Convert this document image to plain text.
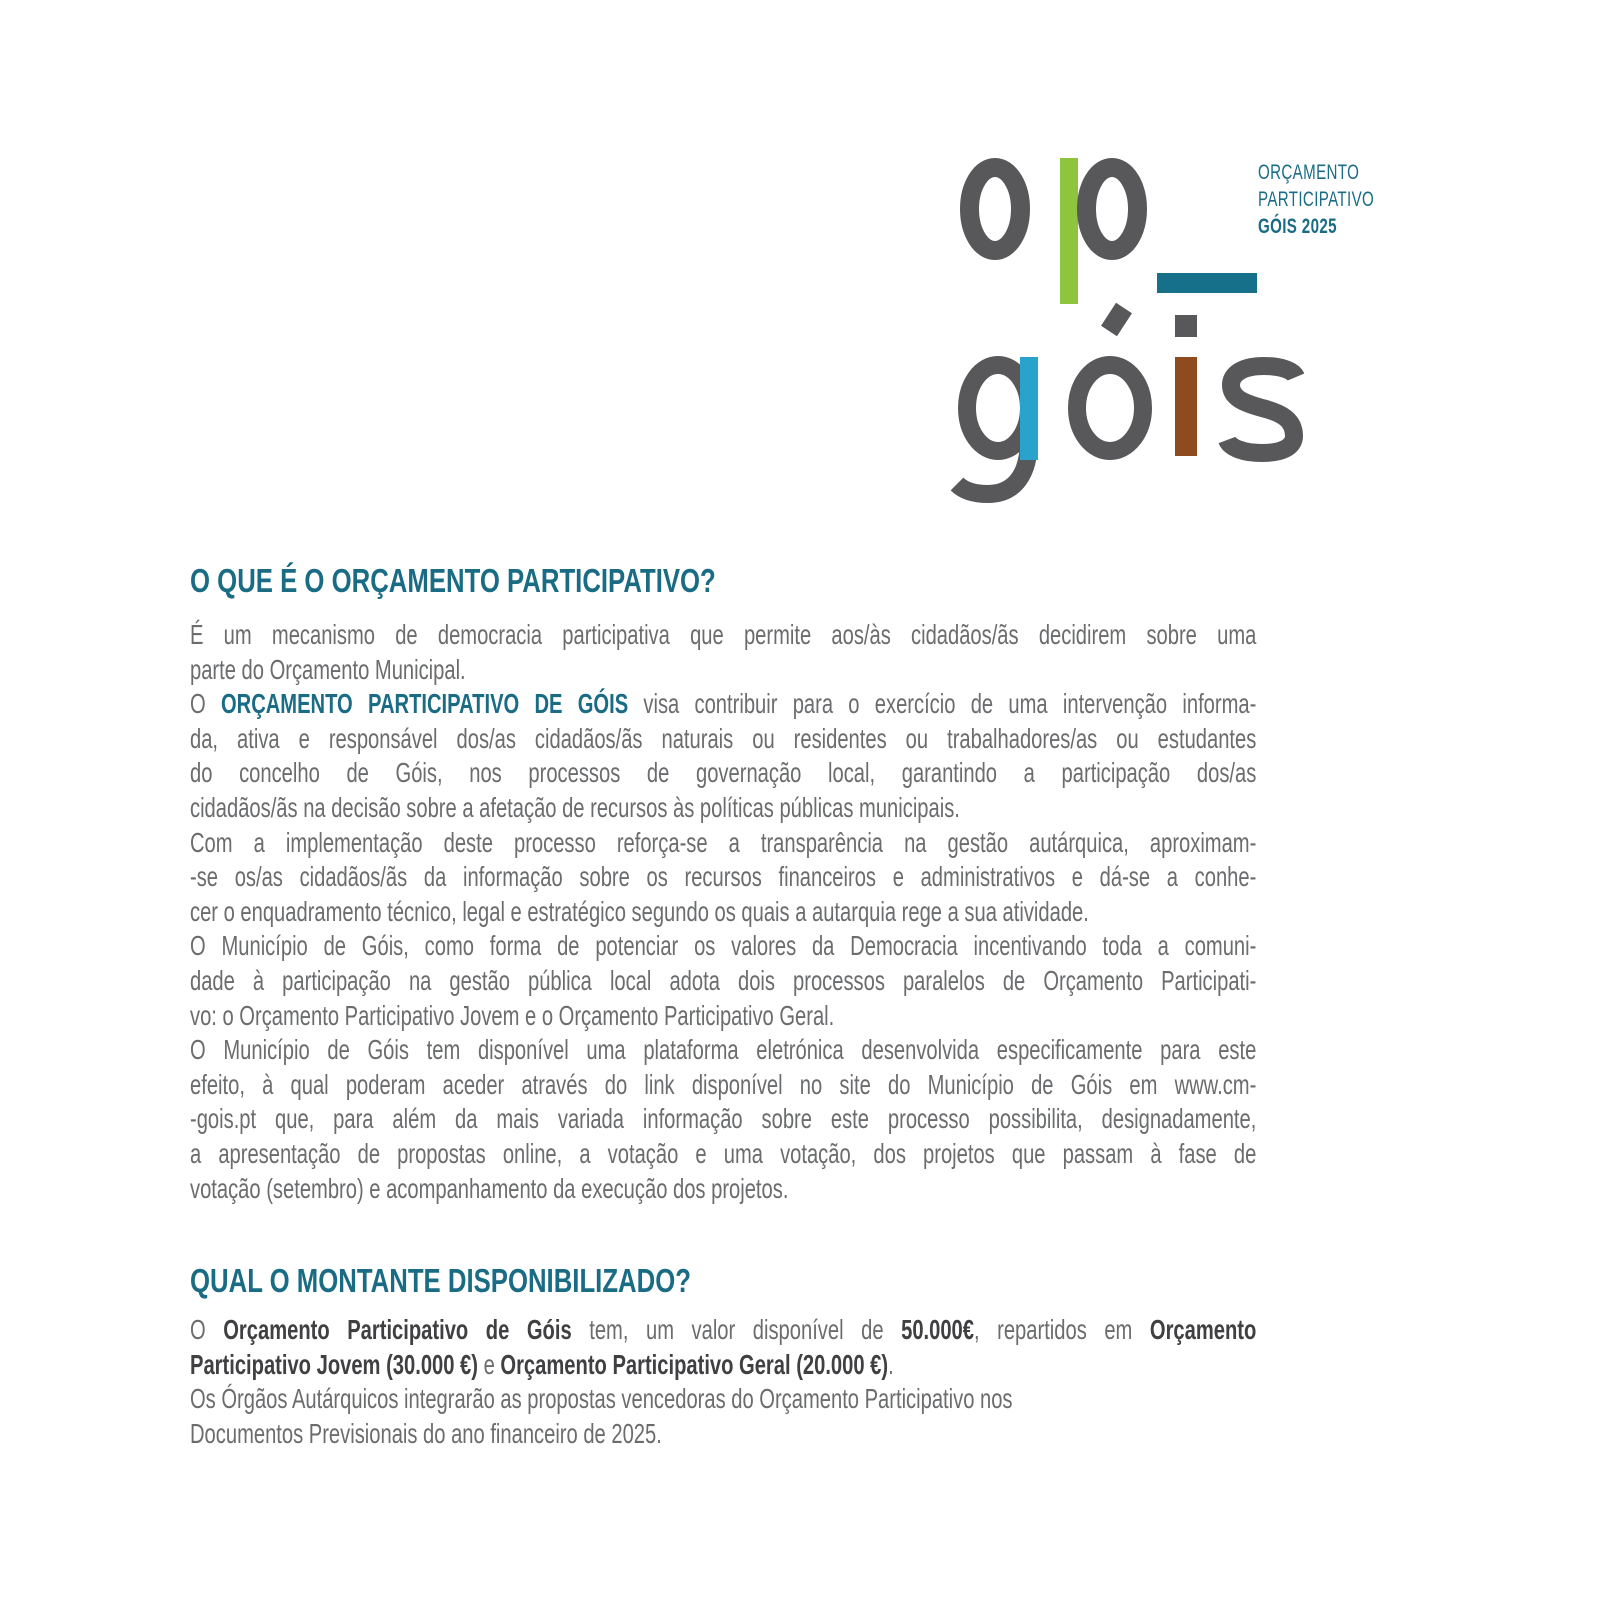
ORÇAMENTO
PARTICIPATIVO
GÓIS 2025
O QUE É O ORÇAMENTO PARTICIPATIVO?
É um mecanismo de democracia participativa que permite aos/às cidadãos/ãs decidirem sobre uma
parte do Orçamento Municipal.
O ORÇAMENTO PARTICIPATIVO DE GÓIS visa contribuir para o exercício de uma intervenção informa-
da, ativa e responsável dos/as cidadãos/ãs naturais ou residentes ou trabalhadores/as ou estudantes
do concelho de Góis, nos processos de governação local, garantindo a participação dos/as
cidadãos/ãs na decisão sobre a afetação de recursos às políticas públicas municipais.
Com a implementação deste processo reforça-se a transparência na gestão autárquica, aproximam-
-se os/as cidadãos/ãs da informação sobre os recursos financeiros e administrativos e dá-se a conhe-
cer o enquadramento técnico, legal e estratégico segundo os quais a autarquia rege a sua atividade.
O Município de Góis, como forma de potenciar os valores da Democracia incentivando toda a comuni-
dade à participação na gestão pública local adota dois processos paralelos de Orçamento Participati-
vo: o Orçamento Participativo Jovem e o Orçamento Participativo Geral.
O Município de Góis tem disponível uma plataforma eletrónica desenvolvida especificamente para este
efeito, à qual poderam aceder através do link disponível no site do Município de Góis em www.cm-
-gois.pt que, para além da mais variada informação sobre este processo possibilita, designadamente,
a apresentação de propostas online, a votação e uma votação, dos projetos que passam à fase de
votação (setembro) e acompanhamento da execução dos projetos.
QUAL O MONTANTE DISPONIBILIZADO?
O Orçamento Participativo de Góis tem, um valor disponível de 50.000€, repartidos em Orçamento
Participativo Jovem (30.000 €) e Orçamento Participativo Geral (20.000 €).
Os Órgãos Autárquicos integrarão as propostas vencedoras do Orçamento Participativo nos
Documentos Previsionais do ano financeiro de 2025.
